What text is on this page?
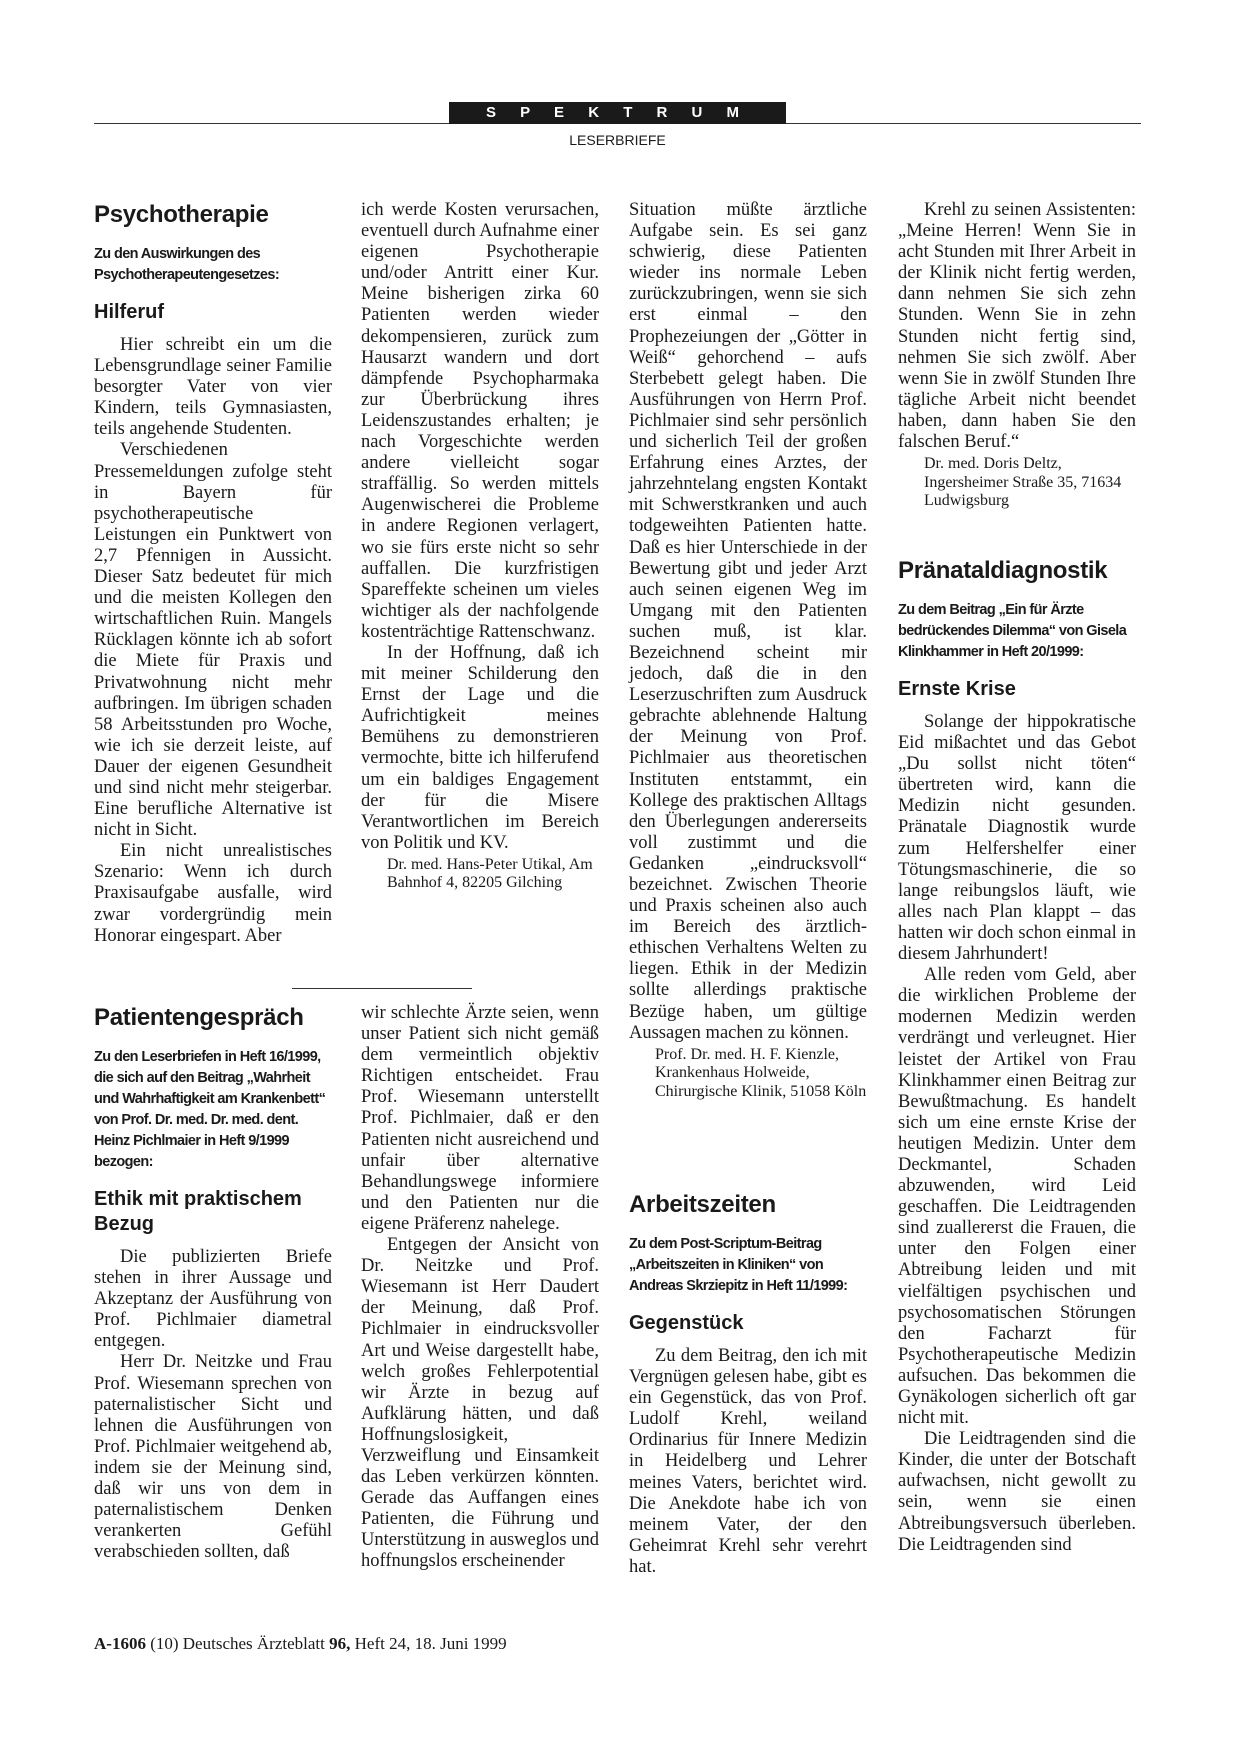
S P E K T R U M
LESERBRIEFE
Psychotherapie
Zu den Auswirkungen des Psychotherapeutengesetzes:
Hilferuf

Hier schreibt ein um die Lebensgrundlage seiner Familie besorgter Vater von vier Kindern, teils Gymnasiasten, teils angehende Studenten.

Verschiedenen Pressemeldungen zufolge steht in Bayern für psychotherapeutische Leistungen ein Punktwert von 2,7 Pfennigen in Aussicht. Dieser Satz bedeutet für mich und die meisten Kollegen den wirtschaftlichen Ruin. Mangels Rücklagen könnte ich ab sofort die Miete für Praxis und Privatwohnung nicht mehr aufbringen. Im übrigen schaden 58 Arbeitsstunden pro Woche, wie ich sie derzeit leiste, auf Dauer der eigenen Gesundheit und sind nicht mehr steigerbar. Eine berufliche Alternative ist nicht in Sicht.

Ein nicht unrealistisches Szenario: Wenn ich durch Praxisaufgabe ausfalle, wird zwar vordergründig mein Honorar eingespart. Aber

Patientengespräch
Zu den Leserbriefen in Heft 16/1999, die sich auf den Beitrag „Wahrheit und Wahrhaftigkeit am Krankenbett“ von Prof. Dr. med. Dr. med. dent. Heinz Pichlmaier in Heft 9/1999 bezogen:
Ethik mit praktischem Bezug

Die publizierten Briefe stehen in ihrer Aussage und Akzeptanz der Ausführung von Prof. Pichlmaier diametral entgegen.

Herr Dr. Neitzke und Frau Prof. Wiesemann sprechen von paternalistischer Sicht und lehnen die Ausführungen von Prof. Pichlmaier weitgehend ab, indem sie der Meinung sind, daß wir uns von dem in paternalistischem Denken verankerten Gefühl verabschieden sollten, daß

ich werde Kosten verursachen, eventuell durch Aufnahme einer eigenen Psychotherapie und/oder Antritt einer Kur. Meine bisherigen zirka 60 Patienten werden wieder dekompensieren, zurück zum Hausarzt wandern und dort dämpfende Psychopharmaka zur Überbrückung ihres Leidenszustandes erhalten; je nach Vorgeschichte werden andere vielleicht sogar straffällig. So werden mittels Augenwischerei die Probleme in andere Regionen verlagert, wo sie fürs erste nicht so sehr auffallen. Die kurzfristigen Spareffekte scheinen um vieles wichtiger als der nachfolgende kostenträchtige Rattenschwanz.

In der Hoffnung, daß ich mit meiner Schilderung den Ernst der Lage und die Aufrichtigkeit meines Bemühens zu demonstrieren vermochte, bitte ich hilferufend um ein baldiges Engagement der für die Misere Verantwortlichen im Bereich von Politik und KV.

Dr. med. Hans-Peter Utikal, Am Bahnhof 4, 82205 Gilching

wir schlechte Ärzte seien, wenn unser Patient sich nicht gemäß dem vermeintlich objektiv Richtigen entscheidet. Frau Prof. Wiesemann unterstellt Prof. Pichlmaier, daß er den Patienten nicht ausreichend und unfair über alternative Behandlungswege informiere und den Patienten nur die eigene Präferenz nahelege.

Entgegen der Ansicht von Dr. Neitzke und Prof. Wiesemann ist Herr Daudert der Meinung, daß Prof. Pichlmaier in eindrucksvoller Art und Weise dargestellt habe, welch großes Fehlerpotential wir Ärzte in bezug auf Aufklärung hätten, und daß Hoffnungslosigkeit, Verzweiflung und Einsamkeit das Leben verkürzen könnten. Gerade das Auffangen eines Patienten, die Führung und Unterstützung in ausweglos und hoffnungslos erscheinender

Situation müßte ärztliche Aufgabe sein. Es sei ganz schwierig, diese Patienten wieder ins normale Leben zurückzubringen, wenn sie sich erst einmal – den Prophezeiungen der „Götter in Weiß“ gehorchend – aufs Sterbebett gelegt haben. Die Ausführungen von Herrn Prof. Pichlmaier sind sehr persönlich und sicherlich Teil der großen Erfahrung eines Arztes, der jahrzehntelang engsten Kontakt mit Schwerstkranken und auch todgeweihten Patienten hatte. Daß es hier Unterschiede in der Bewertung gibt und jeder Arzt auch seinen eigenen Weg im Umgang mit den Patienten suchen muß, ist klar. Bezeichnend scheint mir jedoch, daß die in den Leserzuschriften zum Ausdruck gebrachte ablehnende Haltung der Meinung von Prof. Pichlmaier aus theoretischen Instituten entstammt, ein Kollege des praktischen Alltags den Überlegungen andererseits voll zustimmt und die Gedanken „eindrucksvoll“ bezeichnet. Zwischen Theorie und Praxis scheinen also auch im Bereich des ärztlich-ethischen Verhaltens Welten zu liegen. Ethik in der Medizin sollte allerdings praktische Bezüge haben, um gültige Aussagen machen zu können.

Prof. Dr. med. H. F. Kienzle, Krankenhaus Holweide, Chirurgische Klinik, 51058 Köln
Arbeitszeiten
Zu dem Post-Scriptum-Beitrag „Arbeitszeiten in Kliniken“ von Andreas Skrziepitz in Heft 11/1999:
Gegenstück

Zu dem Beitrag, den ich mit Vergnügen gelesen habe, gibt es ein Gegenstück, das von Prof. Ludolf Krehl, weiland Ordinarius für Innere Medizin in Heidelberg und Lehrer meines Vaters, berichtet wird. Die Anekdote habe ich von meinem Vater, der den Geheimrat Krehl sehr verehrt hat.

Krehl zu seinen Assistenten: „Meine Herren! Wenn Sie in acht Stunden mit Ihrer Arbeit in der Klinik nicht fertig werden, dann nehmen Sie sich zehn Stunden. Wenn Sie in zehn Stunden nicht fertig sind, nehmen Sie sich zwölf. Aber wenn Sie in zwölf Stunden Ihre tägliche Arbeit nicht beendet haben, dann haben Sie den falschen Beruf.“

Dr. med. Doris Deltz, Ingersheimer Straße 35, 71634 Ludwigsburg
Pränataldiagnostik
Zu dem Beitrag „Ein für Ärzte bedrückendes Dilemma“ von Gisela Klinkhammer in Heft 20/1999:
Ernste Krise

Solange der hippokratische Eid mißachtet und das Gebot „Du sollst nicht töten“ übertreten wird, kann die Medizin nicht gesunden. Pränatale Diagnostik wurde zum Helfershelfer einer Tötungsmaschinerie, die so lange reibungslos läuft, wie alles nach Plan klappt – das hatten wir doch schon einmal in diesem Jahrhundert!

Alle reden vom Geld, aber die wirklichen Probleme der modernen Medizin werden verdrängt und verleugnet. Hier leistet der Artikel von Frau Klinkhammer einen Beitrag zur Bewußtmachung. Es handelt sich um eine ernste Krise der heutigen Medizin. Unter dem Deckmantel, Schaden abzuwenden, wird Leid geschaffen. Die Leidtragenden sind zuallererst die Frauen, die unter den Folgen einer Abtreibung leiden und mit vielfältigen psychischen und psychosomatischen Störungen den Facharzt für Psychotherapeutische Medizin aufsuchen. Das bekommen die Gynäkologen sicherlich oft gar nicht mit.

Die Leidtragenden sind die Kinder, die unter der Botschaft aufwachsen, nicht gewollt zu sein, wenn sie einen Abtreibungsversuch überleben. Die Leidtragenden sind

A-1606 (10) Deutsches Ärzteblatt 96, Heft 24, 18. Juni 1999
